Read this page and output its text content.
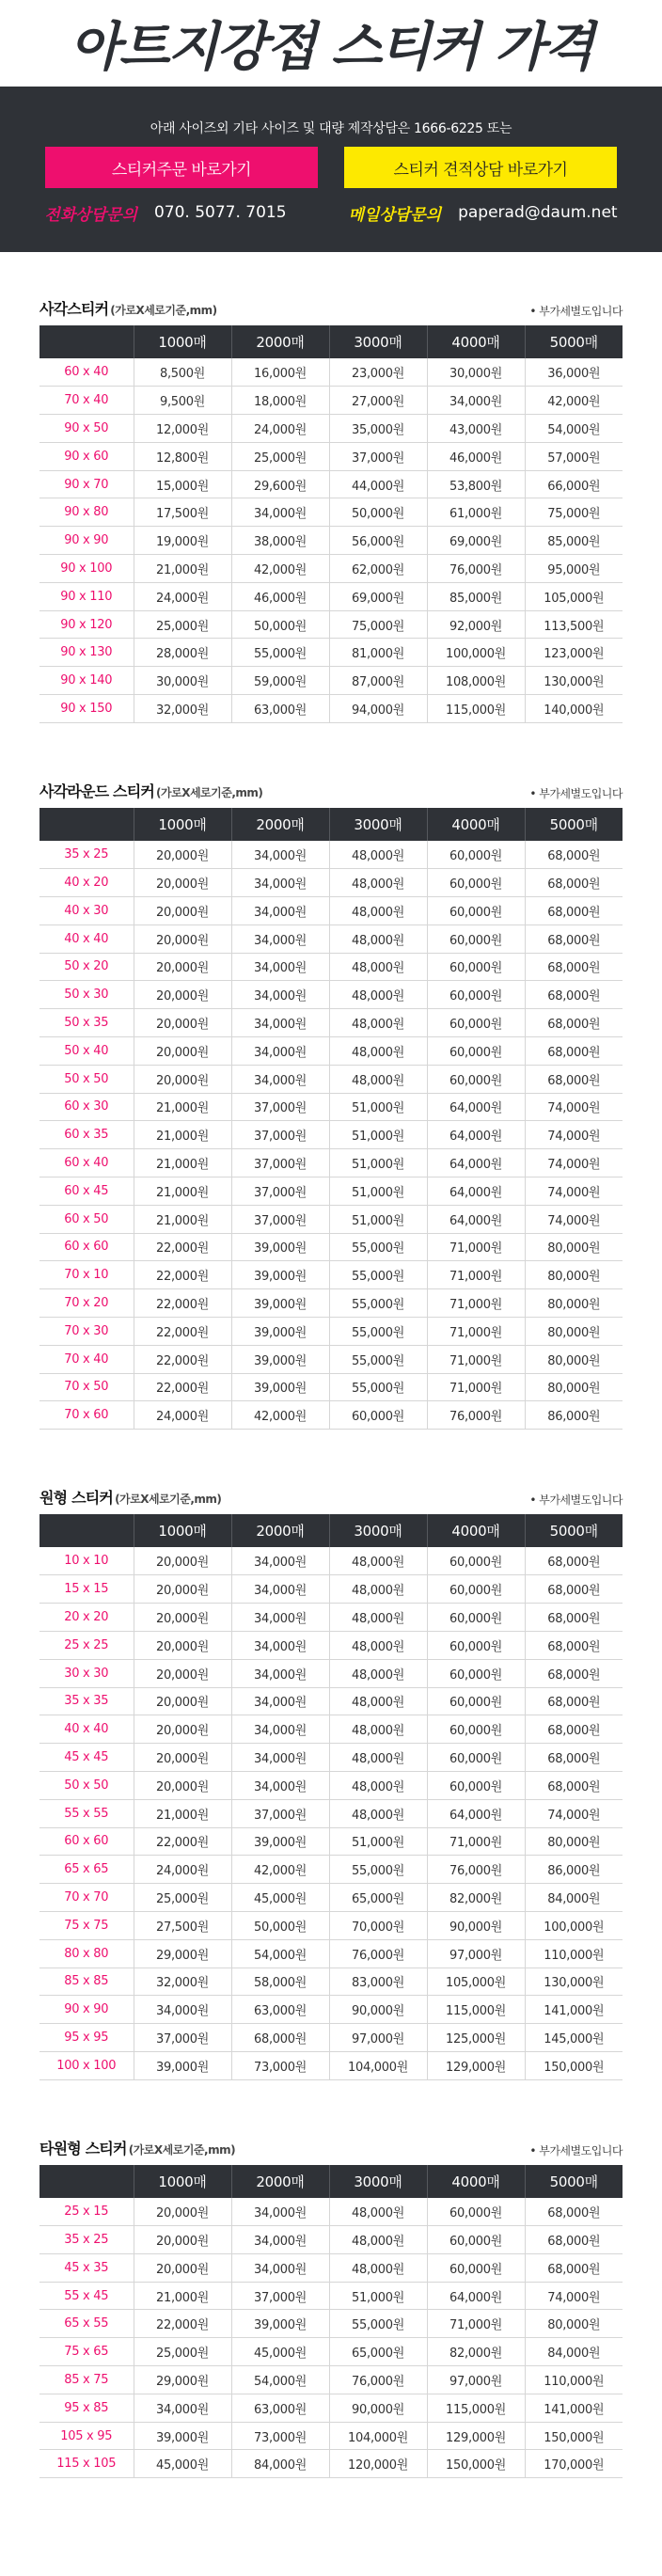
아트지강접 스티커 가격
아래 사이즈외 기타 사이즈 및 대량 제작상담은 1666-6225 또는
스티커주문 바로가기	스티커 견적상담 바로가기
전화상담문의 070. 5077. 7015	메일상담문의 paperad@daum.net
사각스티커 (가로X세로기준,mm)	• 부가세별도입니다
	1000매	2000매	3000매	4000매	5000매
60 x 40	8,500원	16,000원	23,000원	30,000원	36,000원
70 x 40	9,500원	18,000원	27,000원	34,000원	42,000원
90 x 50	12,000원	24,000원	35,000원	43,000원	54,000원
90 x 60	12,800원	25,000원	37,000원	46,000원	57,000원
90 x 70	15,000원	29,600원	44,000원	53,800원	66,000원
90 x 80	17,500원	34,000원	50,000원	61,000원	75,000원
90 x 90	19,000원	38,000원	56,000원	69,000원	85,000원
90 x 100	21,000원	42,000원	62,000원	76,000원	95,000원
90 x 110	24,000원	46,000원	69,000원	85,000원	105,000원
90 x 120	25,000원	50,000원	75,000원	92,000원	113,500원
90 x 130	28,000원	55,000원	81,000원	100,000원	123,000원
90 x 140	30,000원	59,000원	87,000원	108,000원	130,000원
90 x 150	32,000원	63,000원	94,000원	115,000원	140,000원
사각라운드 스티커 (가로X세로기준,mm)	• 부가세별도입니다
	1000매	2000매	3000매	4000매	5000매
35 x 25	20,000원	34,000원	48,000원	60,000원	68,000원
40 x 20	20,000원	34,000원	48,000원	60,000원	68,000원
40 x 30	20,000원	34,000원	48,000원	60,000원	68,000원
40 x 40	20,000원	34,000원	48,000원	60,000원	68,000원
50 x 20	20,000원	34,000원	48,000원	60,000원	68,000원
50 x 30	20,000원	34,000원	48,000원	60,000원	68,000원
50 x 35	20,000원	34,000원	48,000원	60,000원	68,000원
50 x 40	20,000원	34,000원	48,000원	60,000원	68,000원
50 x 50	20,000원	34,000원	48,000원	60,000원	68,000원
60 x 30	21,000원	37,000원	51,000원	64,000원	74,000원
60 x 35	21,000원	37,000원	51,000원	64,000원	74,000원
60 x 40	21,000원	37,000원	51,000원	64,000원	74,000원
60 x 45	21,000원	37,000원	51,000원	64,000원	74,000원
60 x 50	21,000원	37,000원	51,000원	64,000원	74,000원
60 x 60	22,000원	39,000원	55,000원	71,000원	80,000원
70 x 10	22,000원	39,000원	55,000원	71,000원	80,000원
70 x 20	22,000원	39,000원	55,000원	71,000원	80,000원
70 x 30	22,000원	39,000원	55,000원	71,000원	80,000원
70 x 40	22,000원	39,000원	55,000원	71,000원	80,000원
70 x 50	22,000원	39,000원	55,000원	71,000원	80,000원
70 x 60	24,000원	42,000원	60,000원	76,000원	86,000원
원형 스티커 (가로X세로기준,mm)	• 부가세별도입니다
	1000매	2000매	3000매	4000매	5000매
10 x 10	20,000원	34,000원	48,000원	60,000원	68,000원
15 x 15	20,000원	34,000원	48,000원	60,000원	68,000원
20 x 20	20,000원	34,000원	48,000원	60,000원	68,000원
25 x 25	20,000원	34,000원	48,000원	60,000원	68,000원
30 x 30	20,000원	34,000원	48,000원	60,000원	68,000원
35 x 35	20,000원	34,000원	48,000원	60,000원	68,000원
40 x 40	20,000원	34,000원	48,000원	60,000원	68,000원
45 x 45	20,000원	34,000원	48,000원	60,000원	68,000원
50 x 50	20,000원	34,000원	48,000원	60,000원	68,000원
55 x 55	21,000원	37,000원	48,000원	64,000원	74,000원
60 x 60	22,000원	39,000원	51,000원	71,000원	80,000원
65 x 65	24,000원	42,000원	55,000원	76,000원	86,000원
70 x 70	25,000원	45,000원	65,000원	82,000원	84,000원
75 x 75	27,500원	50,000원	70,000원	90,000원	100,000원
80 x 80	29,000원	54,000원	76,000원	97,000원	110,000원
85 x 85	32,000원	58,000원	83,000원	105,000원	130,000원
90 x 90	34,000원	63,000원	90,000원	115,000원	141,000원
95 x 95	37,000원	68,000원	97,000원	125,000원	145,000원
100 x 100	39,000원	73,000원	104,000원	129,000원	150,000원
타원형 스티커 (가로X세로기준,mm)	• 부가세별도입니다
	1000매	2000매	3000매	4000매	5000매
25 x 15	20,000원	34,000원	48,000원	60,000원	68,000원
35 x 25	20,000원	34,000원	48,000원	60,000원	68,000원
45 x 35	20,000원	34,000원	48,000원	60,000원	68,000원
55 x 45	21,000원	37,000원	51,000원	64,000원	74,000원
65 x 55	22,000원	39,000원	55,000원	71,000원	80,000원
75 x 65	25,000원	45,000원	65,000원	82,000원	84,000원
85 x 75	29,000원	54,000원	76,000원	97,000원	110,000원
95 x 85	34,000원	63,000원	90,000원	115,000원	141,000원
105 x 95	39,000원	73,000원	104,000원	129,000원	150,000원
115 x 105	45,000원	84,000원	120,000원	150,000원	170,000원
